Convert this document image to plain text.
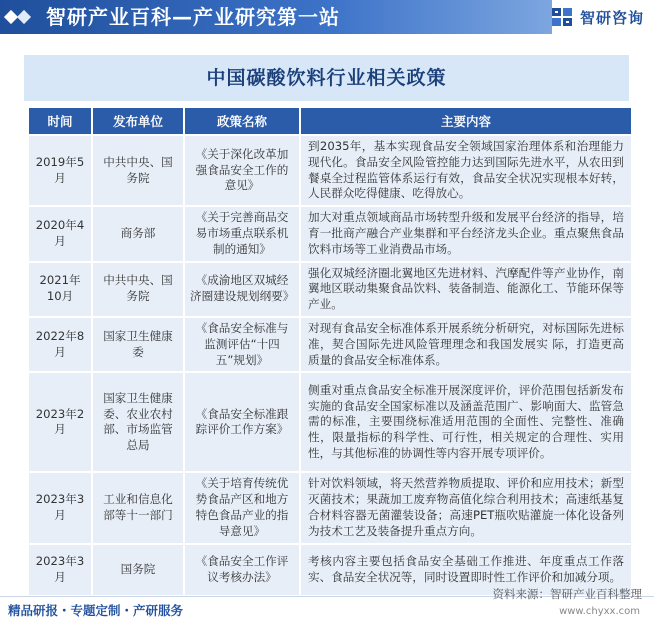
智研产业百科—产业研究第一站	智研咨询
中国碳酸饮料行业相关政策
时间	发布单位	政策名称	主要内容
2019年5月	中共中央、国务院	《关于深化改革加强食品安全工作的意见》	到2035年，基本实现食品安全领域国家治理体系和治理能力现代化。食品安全风险管控能力达到国际先进水平，从农田到餐桌全过程监管体系运行有效，食品安全状况实现根本好转，人民群众吃得健康、吃得放心。
2020年4月	商务部	《关于完善商品交易市场重点联系机制的通知》	加大对重点领域商品市场转型升级和发展平台经济的指导，培育一批商产融合产业集群和平台经济龙头企业。重点聚焦食品饮料市场等工业消费品市场。
2021年10月	中共中央、国务院	《成渝地区双城经济圈建设规划纲要》	强化双城经济圈北翼地区先进材料、汽摩配件等产业协作，南翼地区联动集聚食品饮料、装备制造、能源化工、节能环保等产业。
2022年8月	国家卫生健康委	《食品安全标准与监测评估“十四五”规划》	对现有食品安全标准体系开展系统分析研究，对标国际先进标准，契合国际先进风险管理理念和我国发展实 际，打造更高质量的食品安全标准体系。
2023年2月	国家卫生健康委、农业农村部、市场监管总局	《食品安全标准跟踪评价工作方案》	侧重对重点食品安全标准开展深度评价，评价范围包括新发布实施的食品安全国家标准以及涵盖范围广、影响面大、监管急需的标准，主要围绕标准适用范围的全面性、完整性、准确性，限量指标的科学性、可行性，相关规定的合理性、实用性，与其他标准的协调性等内容开展专项评价。
2023年3月	工业和信息化部等十一部门	《关于培育传统优势食品产区和地方特色食品产业的指导意见》	针对饮料领域，将天然营养物质提取、评价和应用技术；新型灭菌技术；果蔬加工废弃物高值化综合利用技术；高速纸基复合材料容器无菌灌装设备；高速PET瓶吹贴灌旋一体化设备列为技术工艺及装备提升重点方向。
2023年3月	国务院	《食品安全工作评议考核办法》	考核内容主要包括食品安全基础工作推进、年度重点工作落实、食品安全状况等，同时设置即时性工作评价和加减分项。
精品研报・专题定制・产研服务
资料来源：智研产业百科整理
www.chyxx.com
